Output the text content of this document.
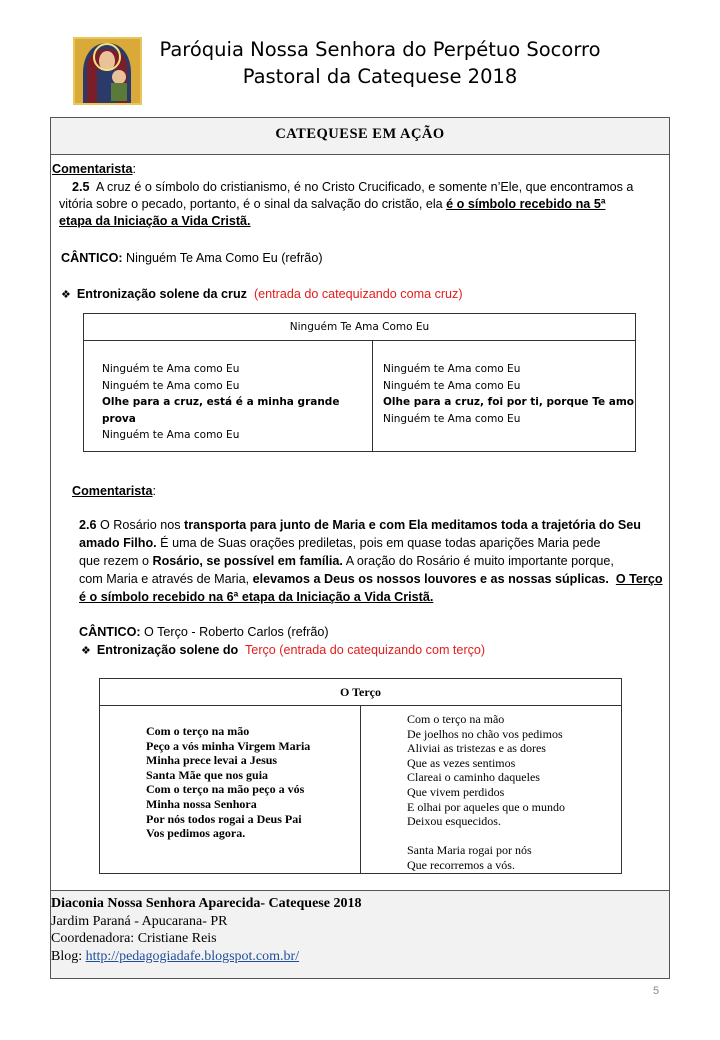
Paróquia Nossa Senhora do Perpétuo Socorro
Pastoral da Catequese 2018
CATEQUESE EM AÇÃO
Diaconia Nossa Senhora Aparecida- Catequese 2018
Jardim Paraná - Apucarana- PR
Coordenadora: Cristiane Reis
Blog: http://pedagogiadafe.blogspot.com.br/
Comentarista:
2.5 A cruz é o símbolo do cristianismo, é no Cristo Crucificado, e somente n’Ele, que encontramos a
vitória sobre o pecado, portanto, é o sinal da salvação do cristão, ela é o símbolo recebido na 5ª
etapa da Iniciação a Vida Cristã.
CÂNTICO: Ninguém Te Ama Como Eu (refrão)
❖ Entronização solene da cruz (entrada do catequizando coma cruz)
Ninguém Te Ama Como Eu

Ninguém te Ama como Eu
Ninguém te Ama como Eu
Olhe para a cruz, está é a minha grande prova
Ninguém te Ama como Eu

Ninguém te Ama como Eu
Ninguém te Ama como Eu
Olhe para a cruz, foi por ti, porque Te amo
Ninguém te Ama como Eu
Comentarista:
2.6 O Rosário nos transporta para junto de Maria e com Ela meditamos toda a trajetória do Seu
amado Filho. É uma de Suas orações prediletas, pois em quase todas aparições Maria pede
que rezem o Rosário, se possível em família. A oração do Rosário é muito importante porque,
com Maria e através de Maria, elevamos a Deus os nossos louvores e as nossas súplicas. O Terço
é o símbolo recebido na 6ª etapa da Iniciação a Vida Cristã.
CÂNTICO: O Terço - Roberto Carlos (refrão)
❖ Entronização solene do Terço (entrada do catequizando com terço)
O Terço

Com o terço na mão
Peço a vós minha Virgem Maria
Minha prece levai a Jesus
Santa Mãe que nos guia
Com o terço na mão peço a vós
Minha nossa Senhora
Por nós todos rogai a Deus Pai
Vos pedimos agora.

Com o terço na mão
De joelhos no chão vos pedimos
Aliviai as tristezas e as dores
Que as vezes sentimos
Clareai o caminho daqueles
Que vivem perdidos
E olhai por aqueles que o mundo
Deixou esquecidos.
Santa Maria rogai por nós
Que recorremos a vós.
5
